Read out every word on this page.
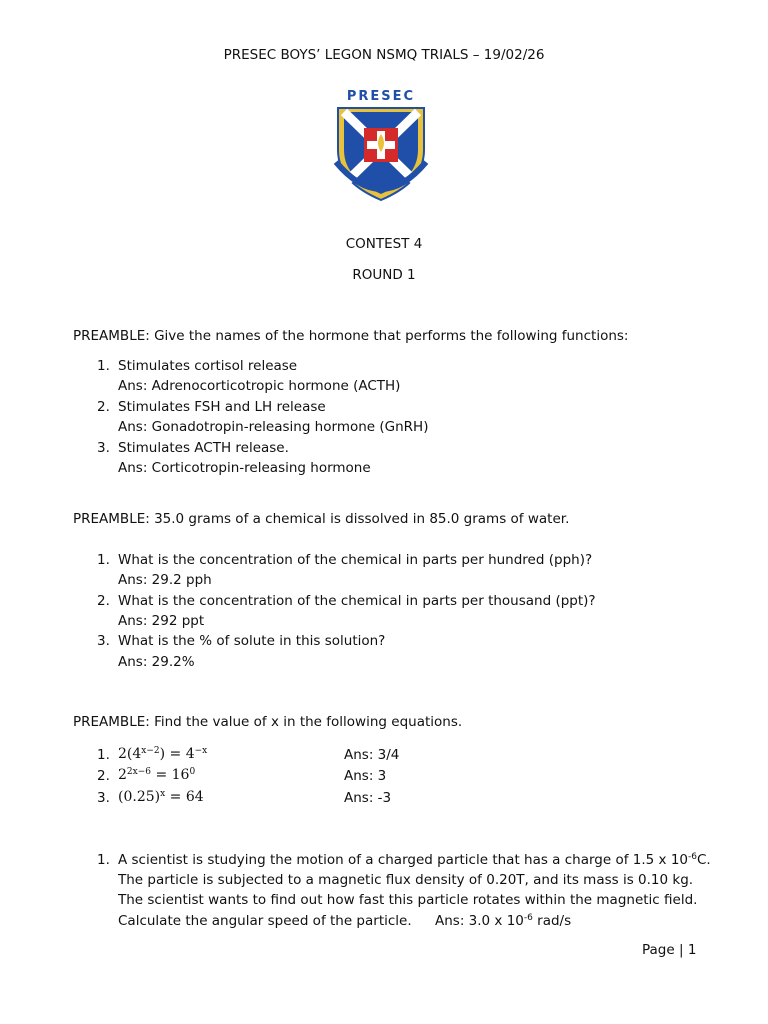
PRESEC BOYS’ LEGON NSMQ TRIALS – 19/02/26
PRESEC
CONTEST 4
ROUND 1
PREAMBLE: Give the names of the hormone that performs the following functions:
1. Stimulates cortisol release
Ans: Adrenocorticotropic hormone (ACTH)
2. Stimulates FSH and LH release
Ans: Gonadotropin-releasing hormone (GnRH)
3. Stimulates ACTH release.
Ans: Corticotropin-releasing hormone
PREAMBLE: 35.0 grams of a chemical is dissolved in 85.0 grams of water.
1. What is the concentration of the chemical in parts per hundred (pph)?
Ans: 29.2 pph
2. What is the concentration of the chemical in parts per thousand (ppt)?
Ans: 292 ppt
3. What is the % of solute in this solution?
Ans: 29.2%
PREAMBLE: Find the value of x in the following equations.
1. $2(4^{x-2}) = 4^{-x}$	Ans: 3/4
2. $2^{2x-6} = 16^0$	Ans: 3
3. $(0.25)^x = 64$	Ans: -3
1. A scientist is studying the motion of a charged particle that has a charge of 1.5 x $10^{-6}C$.
The particle is subjected to a magnetic flux density of 0.20T, and its mass is 0.10 kg.
The scientist wants to find out how fast this particle rotates within the magnetic field.
Calculate the angular speed of the particle. Ans: 3.0 x $10^{-6}$ rad/s
Page | 1
